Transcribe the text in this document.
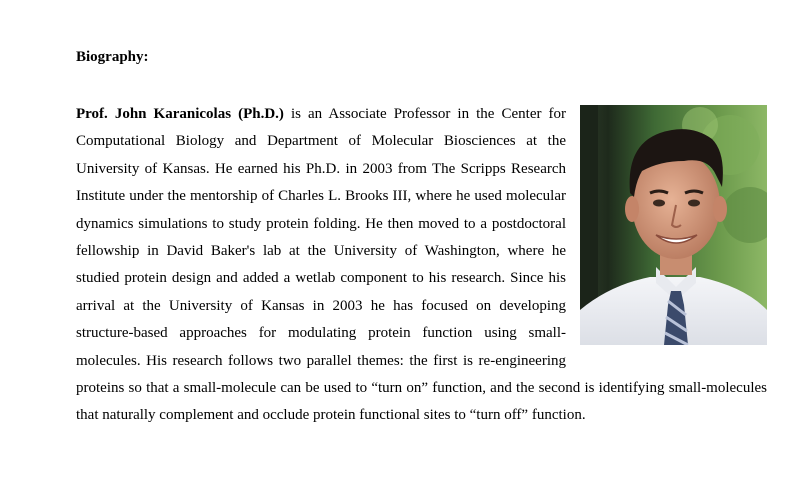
Biography:

Prof. John Karanicolas (Ph.D.) is an Associate Professor in the Center for Computational Biology and Department of Molecular Biosciences at the University of Kansas. He earned his Ph.D. in 2003 from The Scripps Research Institute under the mentorship of Charles L. Brooks III, where he used molecular dynamics simulations to study protein folding. He then moved to a postdoctoral fellowship in David Baker's lab at the University of Washington, where he studied protein design and added a wetlab component to his research. Since his arrival at the University of Kansas in 2003 he has focused on developing structure-based approaches for modulating protein function using small-molecules. His research follows two parallel themes: the first is re-engineering proteins so that a small-molecule can be used to “turn on” function, and the second is identifying small-molecules that naturally complement and occlude protein functional sites to “turn off” function.
